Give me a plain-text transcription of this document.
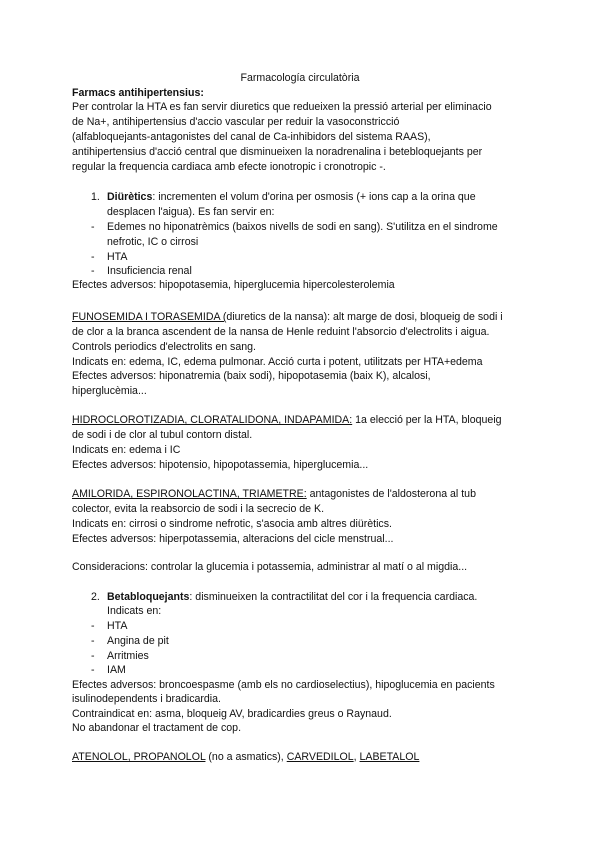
Farmacología circulatòria
Farmacs antihipertensius:
Per controlar la HTA es fan servir diuretics que redueixen la pressió arterial per eliminacio
de Na+, antihipertensius d'accio vascular per reduir la vasoconstricció
(alfabloquejants-antagonistes del canal de Ca-inhibidors del sistema RAAS),
antihipertensius d'acció central que disminueixen la noradrenalina i betebloquejants per
regular la frequencia cardiaca amb efecte ionotropic i cronotropic -.
1. Diürètics: incrementen el volum d'orina per osmosis (+ ions cap a la orina que
desplacen l'aigua). Es fan servir en:
- Edemes no hiponatrèmics (baixos nivells de sodi en sang). S'utilitza en el sindrome
nefrotic, IC o cirrosi
- HTA
- Insuficiencia renal
Efectes adversos: hipopotasemia, hiperglucemia hipercolesterolemia
FUNOSEMIDA I TORASEMIDA (diuretics de la nansa): alt marge de dosi, bloqueig de sodi i
de clor a la branca ascendent de la nansa de Henle reduint l'absorcio d'electrolits i aigua.
Controls periodics d'electrolits en sang.
Indicats en: edema, IC, edema pulmonar. Acció curta i potent, utilitzats per HTA+edema
Efectes adversos: hiponatremia (baix sodi), hipopotasemia (baix K), alcalosi,
hiperglucèmia...
HIDROCLOROTIZADIA, CLORATALIDONA, INDAPAMIDA: 1a elecció per la HTA, bloqueig
de sodi i de clor al tubul contorn distal.
Indicats en: edema i IC
Efectes adversos: hipotensio, hipopotassemia, hiperglucemia...
AMILORIDA, ESPIRONOLACTINA, TRIAMETRE: antagonistes de l'aldosterona al tub
colector, evita la reabsorcio de sodi i la secrecio de K.
Indicats en: cirrosi o sindrome nefrotic, s'asocia amb altres diürètics.
Efectes adversos: hiperpotassemia, alteracions del cicle menstrual...
Consideracions: controlar la glucemia i potassemia, administrar al matí o al migdia...
2. Betabloquejants: disminueixen la contractilitat del cor i la frequencia cardiaca.
Indicats en:
- HTA
- Angina de pit
- Arritmies
- IAM
Efectes adversos: broncoespasme (amb els no cardioselectius), hipoglucemia en pacients
isulinodependents i bradicardia.
Contraindicat en: asma, bloqueig AV, bradicardies greus o Raynaud.
No abandonar el tractament de cop.
ATENOLOL, PROPANOLOL (no a asmatics), CARVEDILOL, LABETALOL
